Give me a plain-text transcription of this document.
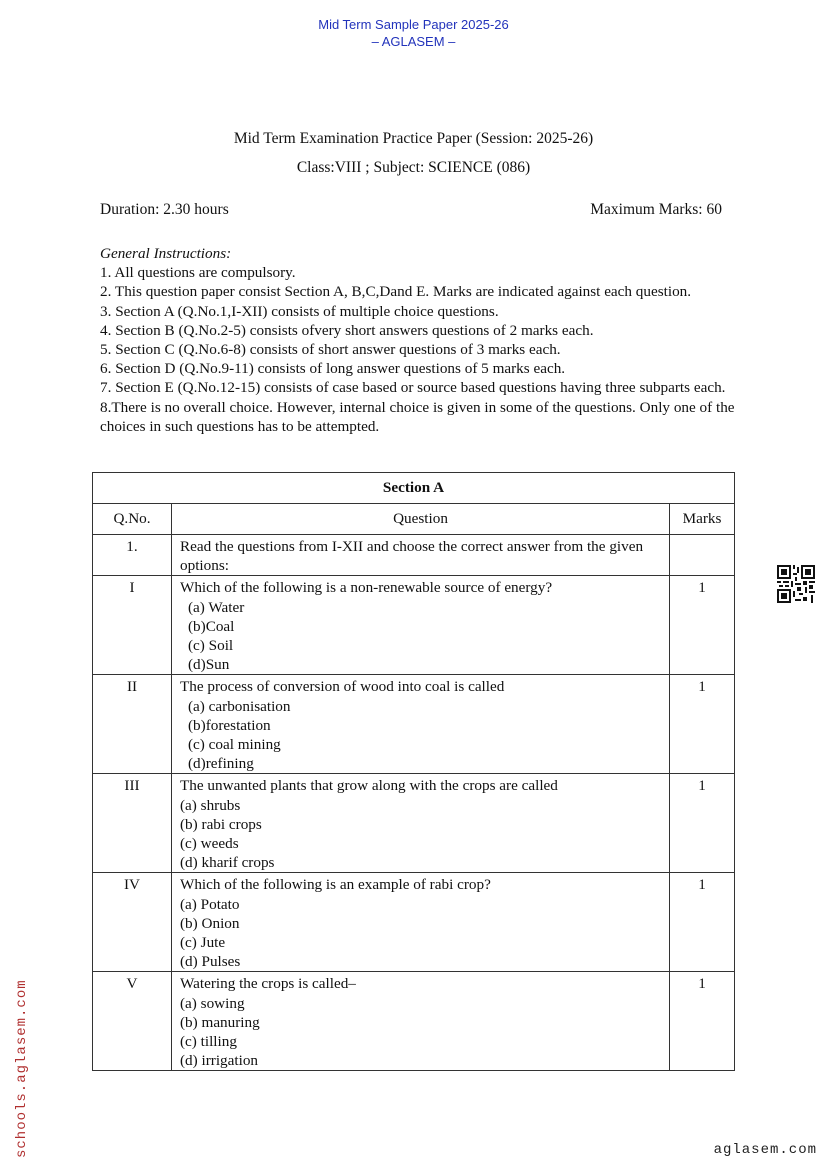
Mid Term Sample Paper 2025-26
– AGLASEM –
Mid Term Examination Practice Paper (Session: 2025-26)
Class:VIII ; Subject: SCIENCE (086)
Duration: 2.30 hours	Maximum Marks: 60
General Instructions:
1. All questions are compulsory.
2. This question paper consist Section A, B,C,Dand E. Marks are indicated against each question.
3. Section A (Q.No.1,I-XII) consists of multiple choice questions.
4. Section B (Q.No.2-5) consists ofvery short answers questions of 2 marks each.
5. Section C (Q.No.6-8) consists of short answer questions of 3 marks each.
6. Section D (Q.No.9-11) consists of long answer questions of 5 marks each.
7. Section E (Q.No.12-15) consists of case based or source based questions having three subparts each.
8.There is no overall choice. However, internal choice is given in some of the questions. Only one of the choices in such questions has to be attempted.
Section A		
Q.No.	Question	Marks
1.	Read the questions from I-XII and choose the correct answer from the given options:	
I	Which of the following is a non-renewable source of energy?
(a) Water
(b)Coal
(c) Soil
(d)Sun	1
II	The process of conversion of wood into coal is called
(a) carbonisation
(b)forestation
(c) coal mining
(d)refining	1
III	The unwanted plants that grow along with the crops are called
(a) shrubs
(b) rabi crops
(c) weeds
(d) kharif crops	1
IV	Which of the following is an example of rabi crop?
(a) Potato
(b) Onion
(c) Jute
(d) Pulses	1
V	Watering the crops is called–
(a) sowing
(b) manuring
(c) tilling
(d) irrigation	1
schools.aglasem.com	aglasem.com
